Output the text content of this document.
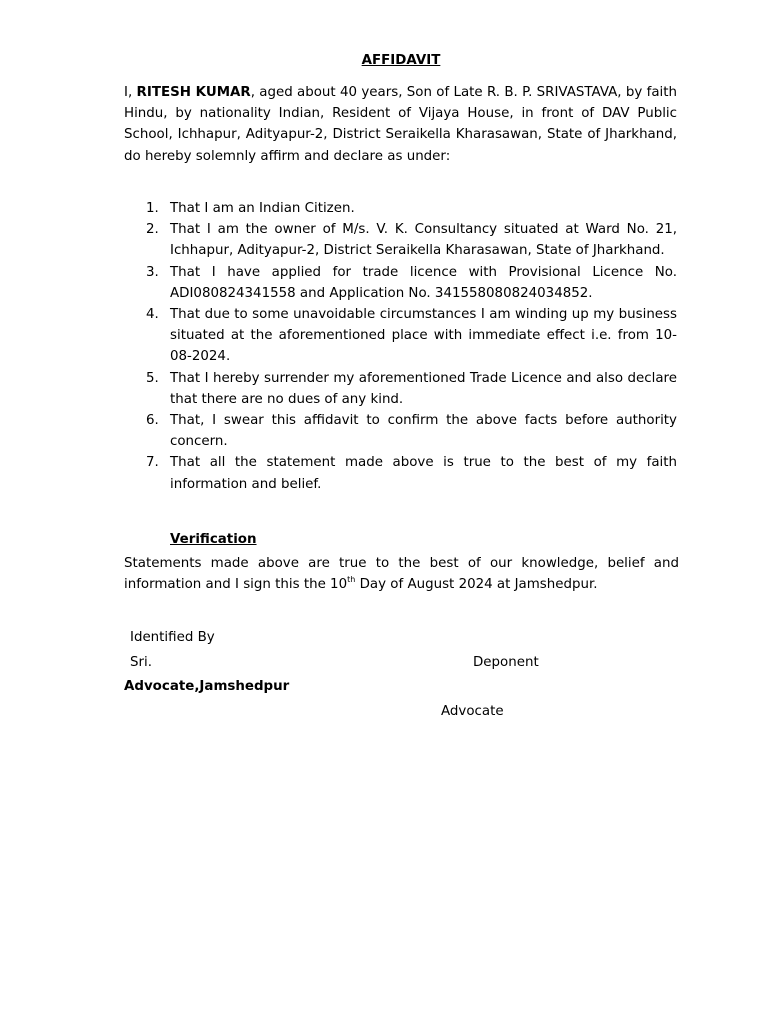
AFFIDAVIT

I, RITESH KUMAR, aged about 40 years, Son of Late R. B. P. SRIVASTAVA, by faith Hindu, by nationality Indian, Resident of Vijaya House, in front of DAV Public School, Ichhapur, Adityapur-2, District Seraikella Kharasawan, State of Jharkhand, do hereby solemnly affirm and declare as under:

1. That I am an Indian Citizen.
2. That I am the owner of M/s. V. K. Consultancy situated at Ward No. 21, Ichhapur, Adityapur-2, District Seraikella Kharasawan, State of Jharkhand.
3. That I have applied for trade licence with Provisional Licence No. ADI080824341558 and Application No. 341558080824034852.
4. That due to some unavoidable circumstances I am winding up my business situated at the aforementioned place with immediate effect i.e. from 10-08-2024.
5. That I hereby surrender my aforementioned Trade Licence and also declare that there are no dues of any kind.
6. That, I swear this affidavit to confirm the above facts before authority concern.
7. That all the statement made above is true to the best of my faith information and belief.
Verification

Statements made above are true to the best of our knowledge, belief and information and I sign this the 10th Day of August 2024 at Jamshedpur.

Identified By
Sri.	Deponent
Advocate,Jamshedpur
Advocate
